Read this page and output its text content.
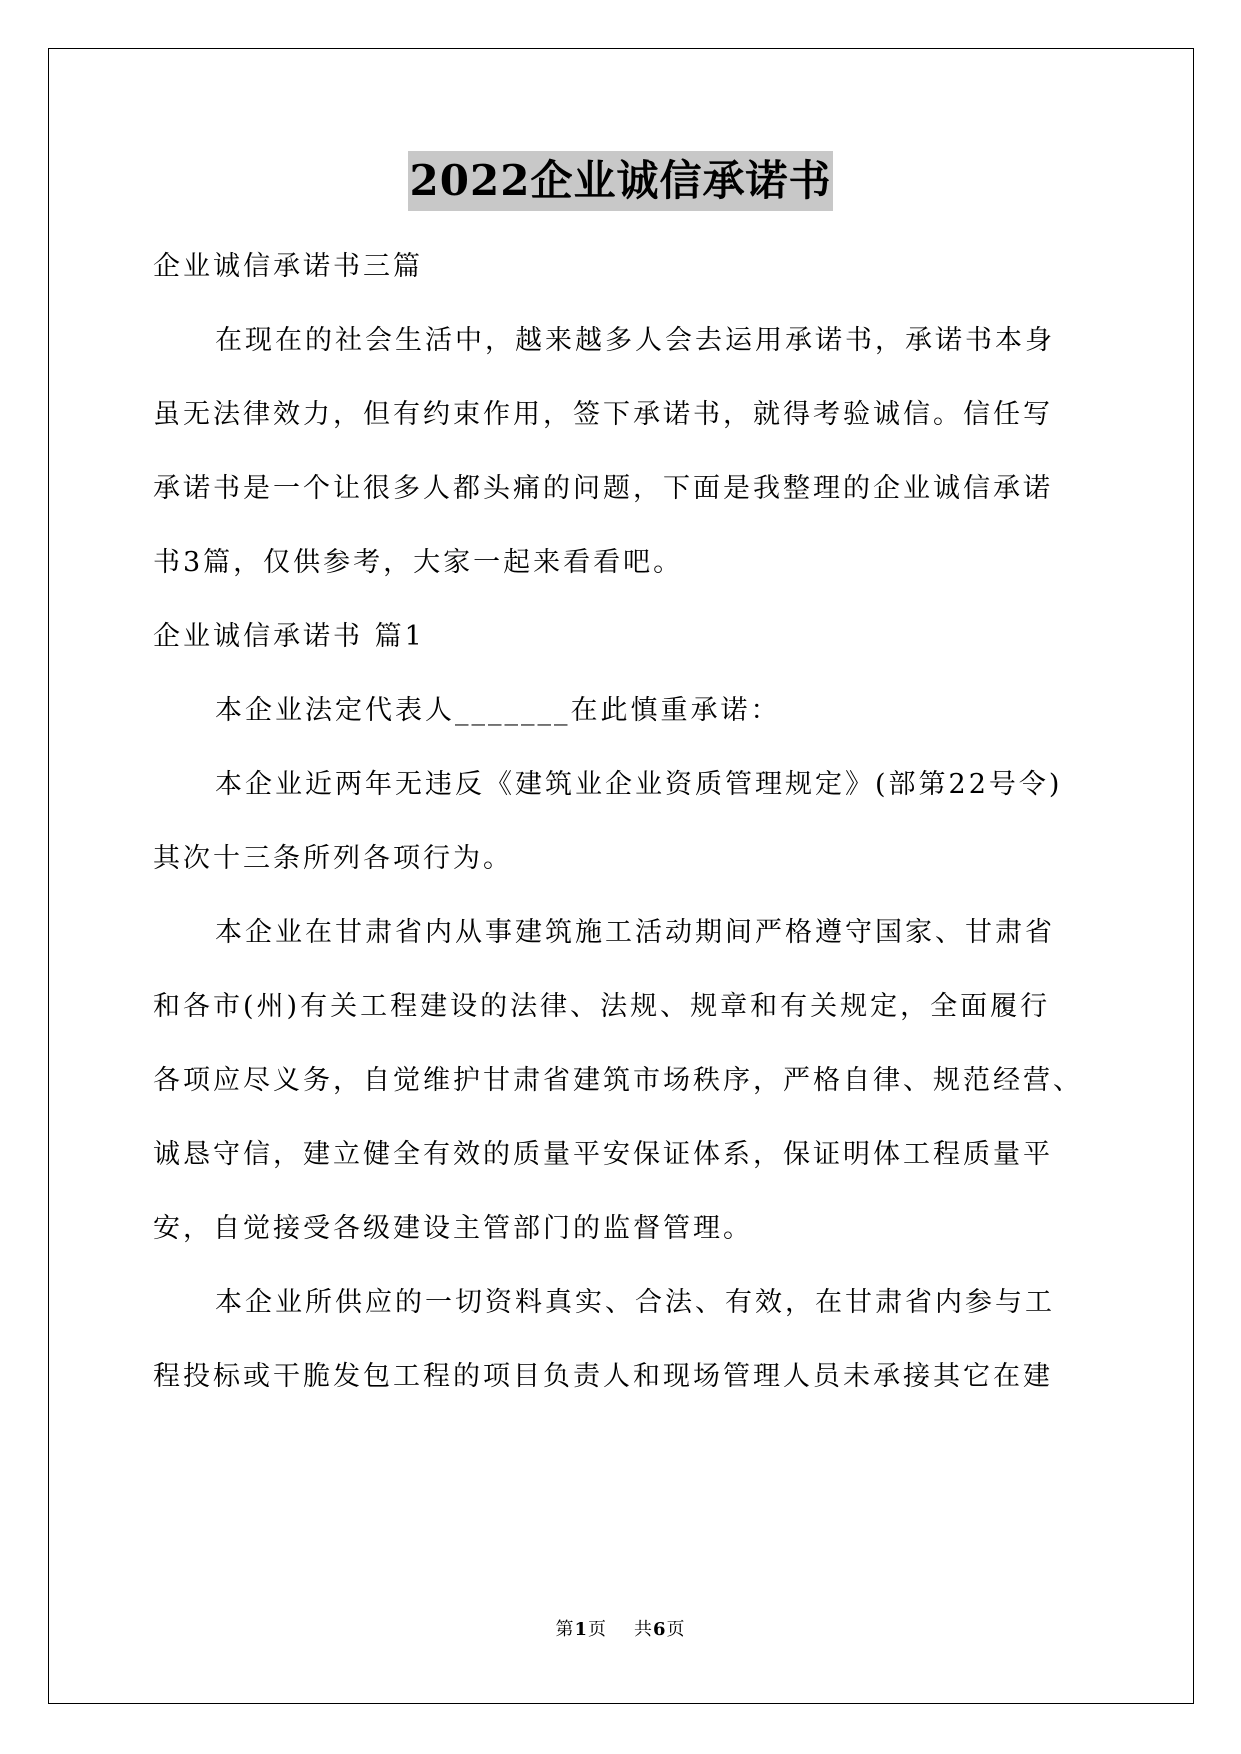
2022企业诚信承诺书
企业诚信承诺书三篇
在现在的社会生活中，越来越多人会去运用承诺书，承诺书本身
虽无法律效力，但有约束作用，签下承诺书，就得考验诚信。信任写
承诺书是一个让很多人都头痛的问题，下面是我整理的企业诚信承诺
书3篇，仅供参考，大家一起来看看吧。
企业诚信承诺书 篇1
本企业法定代表人_______在此慎重承诺：
本企业近两年无违反《建筑业企业资质管理规定》(部第22号令)
其次十三条所列各项行为。
本企业在甘肃省内从事建筑施工活动期间严格遵守国家、甘肃省
和各市(州)有关工程建设的法律、法规、规章和有关规定，全面履行
各项应尽义务，自觉维护甘肃省建筑市场秩序，严格自律、规范经营、
诚恳守信，建立健全有效的质量平安保证体系，保证明体工程质量平
安，自觉接受各级建设主管部门的监督管理。
本企业所供应的一切资料真实、合法、有效，在甘肃省内参与工
程投标或干脆发包工程的项目负责人和现场管理人员未承接其它在建
第1页 共6页
